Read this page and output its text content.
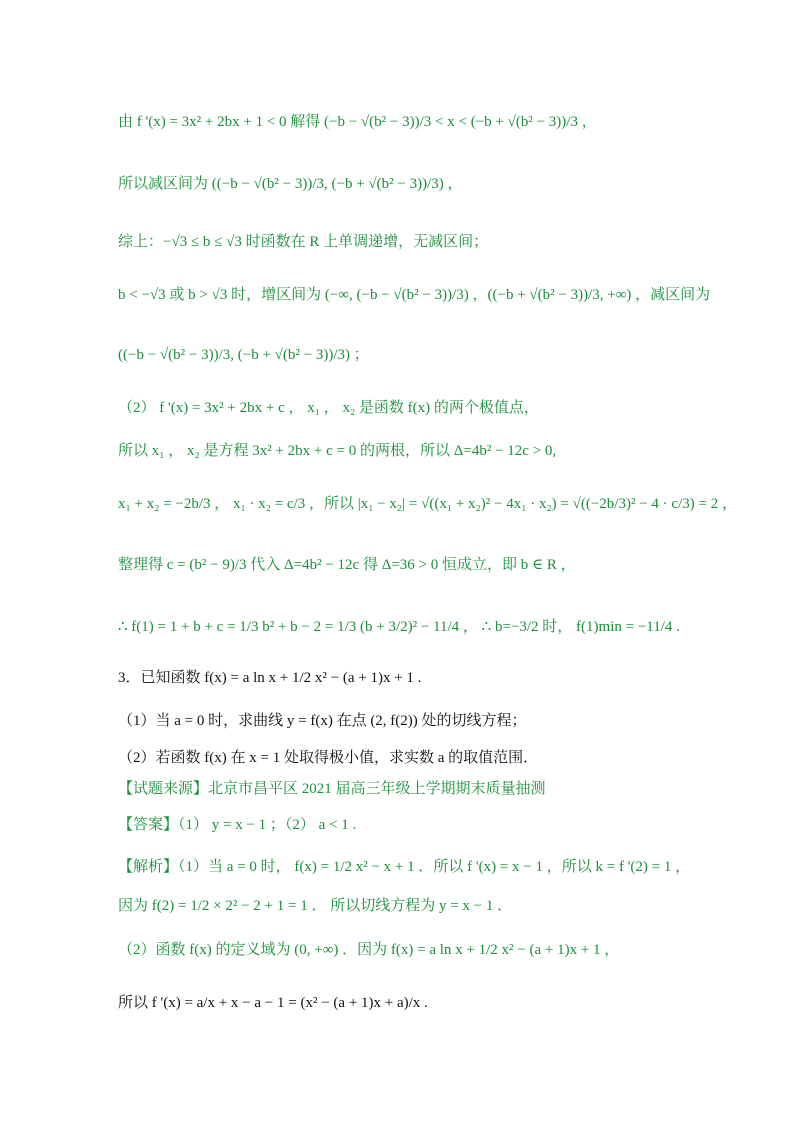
由 f '(x) = 3x² + 2bx + 1 < 0 解得 (−b − √(b² − 3))/3 < x < (−b + √(b² − 3))/3 ，
所以减区间为 ((−b − √(b² − 3))/3, (−b + √(b² − 3))/3) ，
综上：−√3 ≤ b ≤ √3 时函数在 R 上单调递增，无减区间；
b < −√3 或 b > √3 时，增区间为 (−∞, (−b − √(b² − 3))/3) ，((−b + √(b² − 3))/3, +∞) ，减区间为
((−b − √(b² − 3))/3, (−b + √(b² − 3))/3) ；
（2） f '(x) = 3x² + 2bx + c ， x₁ ， x₂ 是函数 f(x) 的两个极值点，
所以 x₁ ， x₂ 是方程 3x² + 2bx + c = 0 的两根，所以 Δ=4b² − 12c > 0,
x₁ + x₂ = −2b/3 ， x₁ · x₂ = c/3 ，所以 |x₁ − x₂| = √((x₁ + x₂)² − 4x₁ · x₂) = √((−2b/3)² − 4 · c/3) = 2 ，
整理得 c = (b² − 9)/3 代入 Δ=4b² − 12c 得 Δ=36 > 0 恒成立，即 b ∈ R ，
∴ f(1) = 1 + b + c = 1/3 b² + b − 2 = 1/3 (b + 3/2)² − 11/4 ， ∴ b=−3/2 时， f(1)min = −11/4 .
3．已知函数 f(x) = a ln x + 1/2 x² − (a + 1)x + 1 .
（1）当 a = 0 时，求曲线 y = f(x) 在点 (2, f(2)) 处的切线方程；
（2）若函数 f(x) 在 x = 1 处取得极小值，求实数 a 的取值范围．
【试题来源】北京市昌平区 2021 届高三年级上学期期末质量抽测
【答案】（1） y = x − 1 ；（2） a < 1 .
【解析】（1）当 a = 0 时， f(x) = 1/2 x² − x + 1 ．所以 f '(x) = x − 1 ，所以 k = f '(2) = 1 ，
因为 f(2) = 1/2 × 2² − 2 + 1 = 1 ． 所以切线方程为 y = x − 1 ．
（2）函数 f(x) 的定义域为 (0, +∞) ．因为 f(x) = a ln x + 1/2 x² − (a + 1)x + 1 ，
所以 f '(x) = a/x + x − a − 1 = (x² − (a + 1)x + a)/x .
